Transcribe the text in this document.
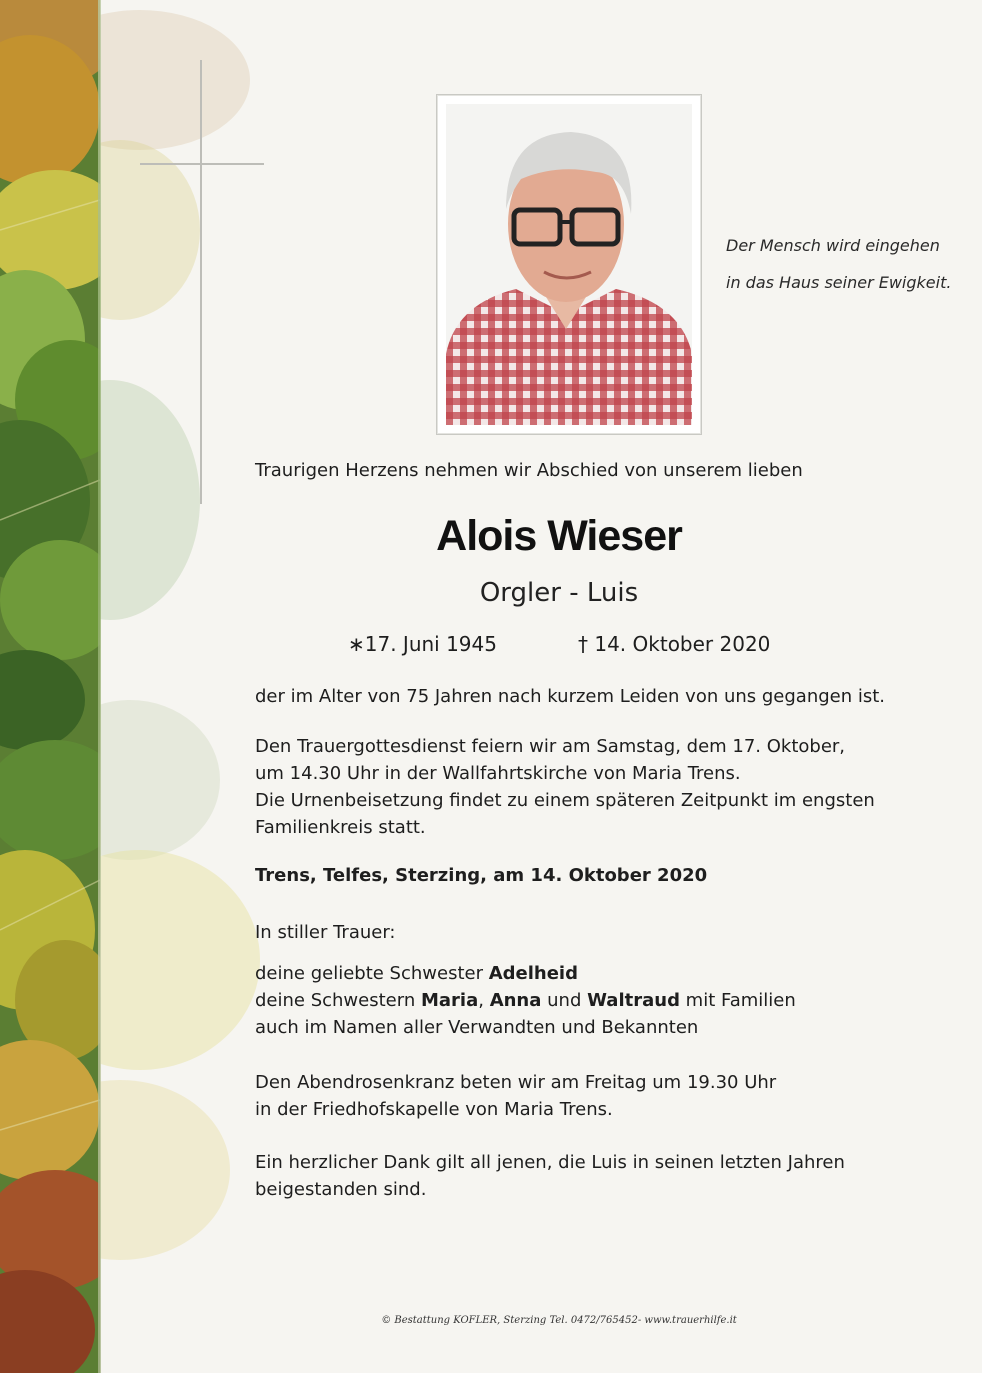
Der Mensch wird eingehen
in das Haus seiner Ewigkeit.
Traurigen Herzens nehmen wir Abschied von unserem lieben
Alois Wieser
Orgler - Luis
∗17. Juni 1945	† 14. Oktober 2020
der im Alter von 75 Jahren nach kurzem Leiden von uns gegangen ist.
Den Trauergottesdienst feiern wir am Samstag, dem 17. Oktober,
um 14.30 Uhr in der Wallfahrtskirche von Maria Trens.
Die Urnenbeisetzung findet zu einem späteren Zeitpunkt im engsten
Familienkreis statt.
Trens, Telfes, Sterzing, am 14. Oktober 2020
In stiller Trauer:
deine geliebte Schwester Adelheid
deine Schwestern Maria, Anna und Waltraud mit Familien
auch im Namen aller Verwandten und Bekannten
Den Abendrosenkranz beten wir am Freitag um 19.30 Uhr
in der Friedhofskapelle von Maria Trens.
Ein herzlicher Dank gilt all jenen, die Luis in seinen letzten Jahren
beigestanden sind.
© Bestattung KOFLER, Sterzing Tel. 0472/765452- www.trauerhilfe.it
